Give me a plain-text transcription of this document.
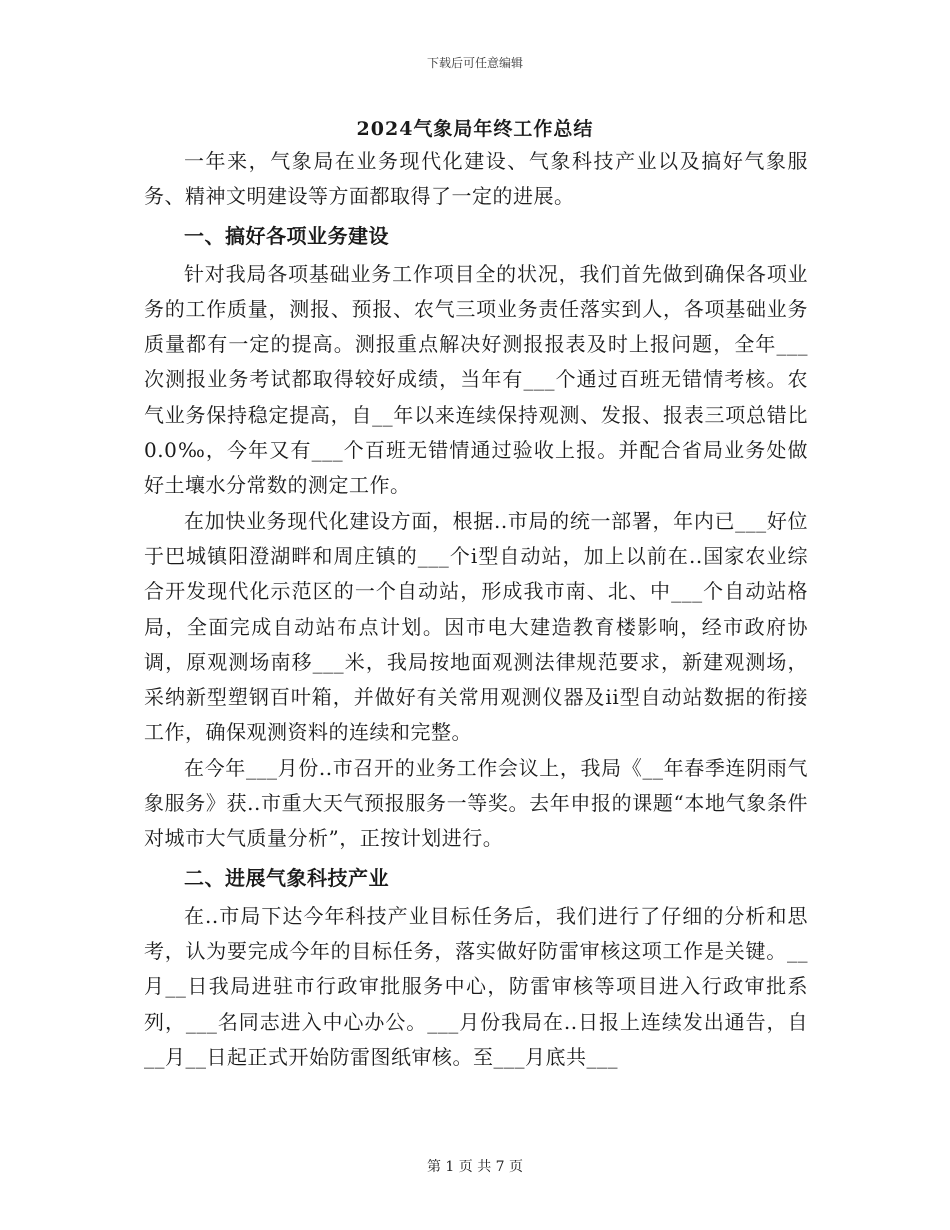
下载后可任意编辑
2024气象局年终工作总结

一年来，气象局在业务现代化建设、气象科技产业以及搞好气象服务、精神文明建设等方面都取得了一定的进展。

一、搞好各项业务建设

针对我局各项基础业务工作项目全的状况，我们首先做到确保各项业务的工作质量，测报、预报、农气三项业务责任落实到人，各项基础业务质量都有一定的提高。测报重点解决好测报报表及时上报问题，全年___次测报业务考试都取得较好成绩，当年有___个通过百班无错情考核。农气业务保持稳定提高，自__年以来连续保持观测、发报、报表三项总错比0.0‰，今年又有___个百班无错情通过验收上报。并配合省局业务处做好土壤水分常数的测定工作。

在加快业务现代化建设方面，根据..市局的统一部署，年内已___好位于巴城镇阳澄湖畔和周庄镇的___个i型自动站，加上以前在..国家农业综合开发现代化示范区的一个自动站，形成我市南、北、中___个自动站格局，全面完成自动站布点计划。因市电大建造教育楼影响，经市政府协调，原观测场南移___米，我局按地面观测法律规范要求，新建观测场，采纳新型塑钢百叶箱，并做好有关常用观测仪器及ii型自动站数据的衔接工作，确保观测资料的连续和完整。

在今年___月份..市召开的业务工作会议上，我局《__年春季连阴雨气象服务》获..市重大天气预报服务一等奖。去年申报的课题“本地气象条件对城市大气质量分析”，正按计划进行。

二、进展气象科技产业

在..市局下达今年科技产业目标任务后，我们进行了仔细的分析和思考，认为要完成今年的目标任务，落实做好防雷审核这项工作是关键。__月__日我局进驻市行政审批服务中心，防雷审核等项目进入行政审批系列，___名同志进入中心办公。___月份我局在..日报上连续发出通告，自__月__日起正式开始防雷图纸审核。至___月底共___

第 1 页 共 7 页
